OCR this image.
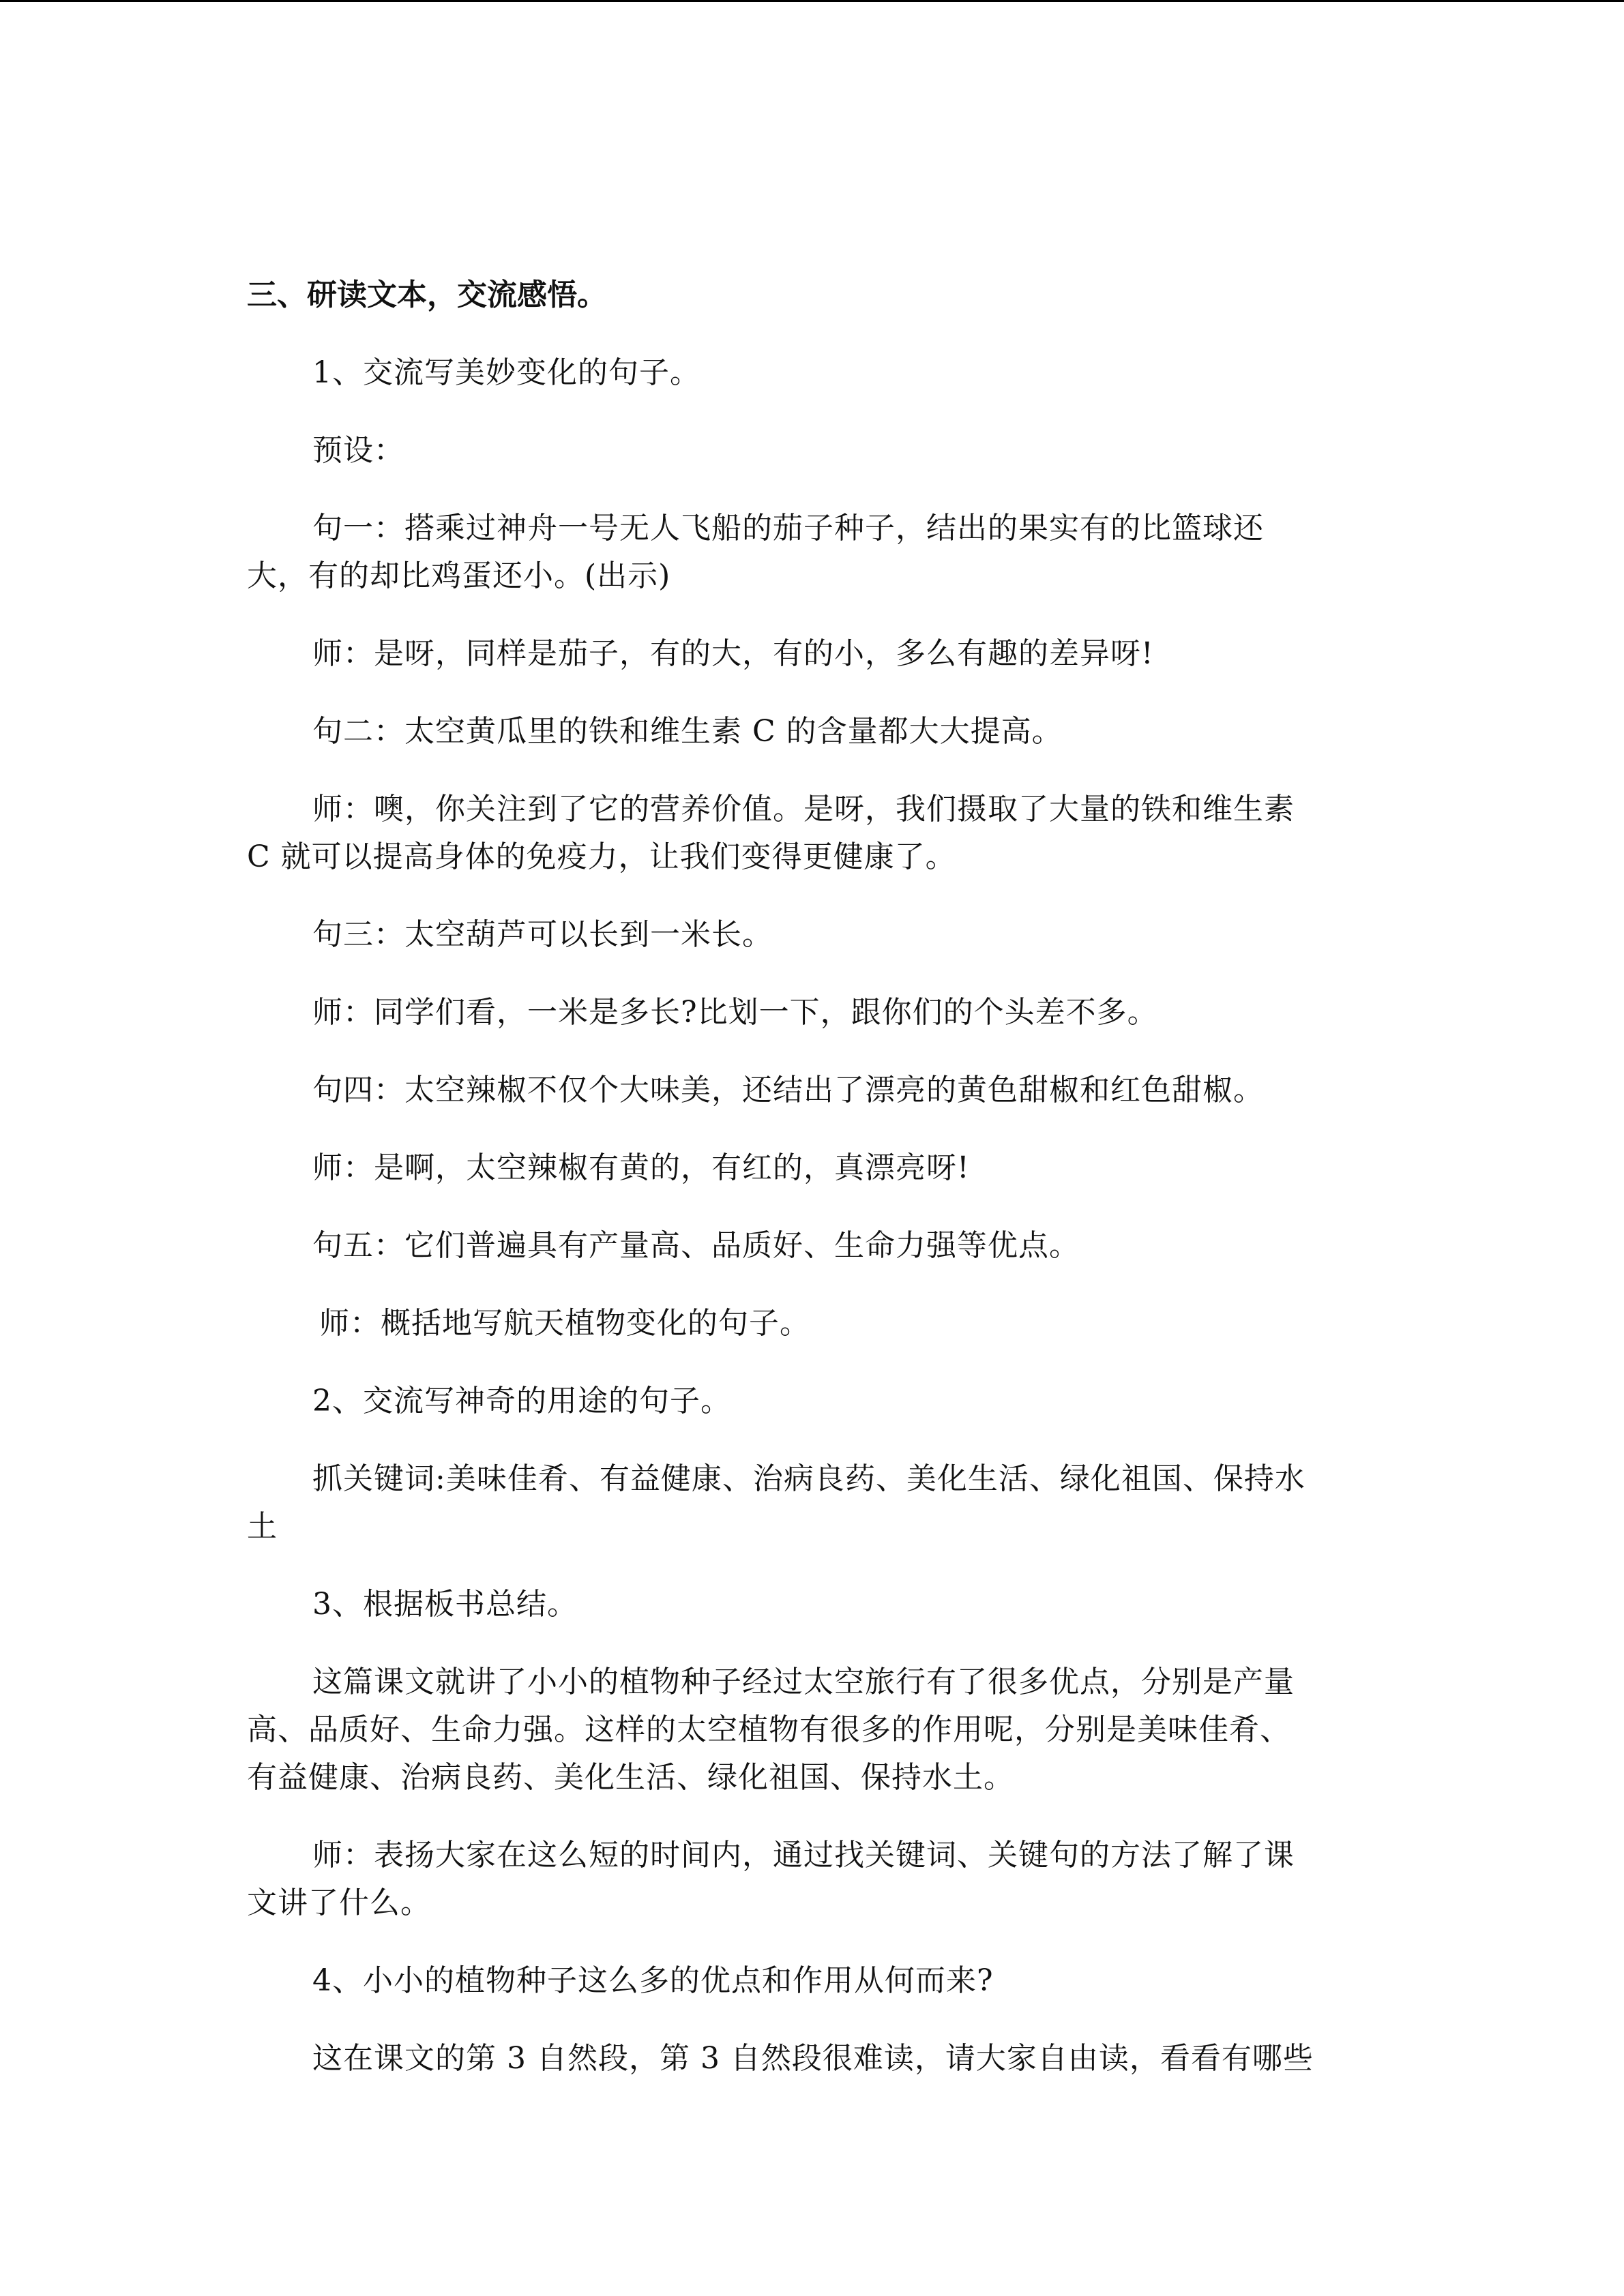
三、研读文本，交流感悟。
1、交流写美妙变化的句子。
预设：
句一：搭乘过神舟一号无人飞船的茄子种子，结出的果实有的比篮球还
大，有的却比鸡蛋还小。(出示)
师：是呀，同样是茄子，有的大，有的小，多么有趣的差异呀!
句二：太空黄瓜里的铁和维生素 C 的含量都大大提高。
师：噢，你关注到了它的营养价值。是呀，我们摄取了大量的铁和维生素
C 就可以提高身体的免疫力，让我们变得更健康了。
句三：太空葫芦可以长到一米长。
师：同学们看，一米是多长?比划一下，跟你们的个头差不多。
句四：太空辣椒不仅个大味美，还结出了漂亮的黄色甜椒和红色甜椒。
师：是啊，太空辣椒有黄的，有红的，真漂亮呀!
句五：它们普遍具有产量高、品质好、生命力强等优点。
师：概括地写航天植物变化的句子。
2、交流写神奇的用途的句子。
抓关键词:美味佳肴、有益健康、治病良药、美化生活、绿化祖国、保持水
土
3、根据板书总结。
这篇课文就讲了小小的植物种子经过太空旅行有了很多优点，分别是产量
高、品质好、生命力强。这样的太空植物有很多的作用呢，分别是美味佳肴、
有益健康、治病良药、美化生活、绿化祖国、保持水土。
师：表扬大家在这么短的时间内，通过找关键词、关键句的方法了解了课
文讲了什么。
4、小小的植物种子这么多的优点和作用从何而来?
这在课文的第 3 自然段，第 3 自然段很难读，请大家自由读，看看有哪些
